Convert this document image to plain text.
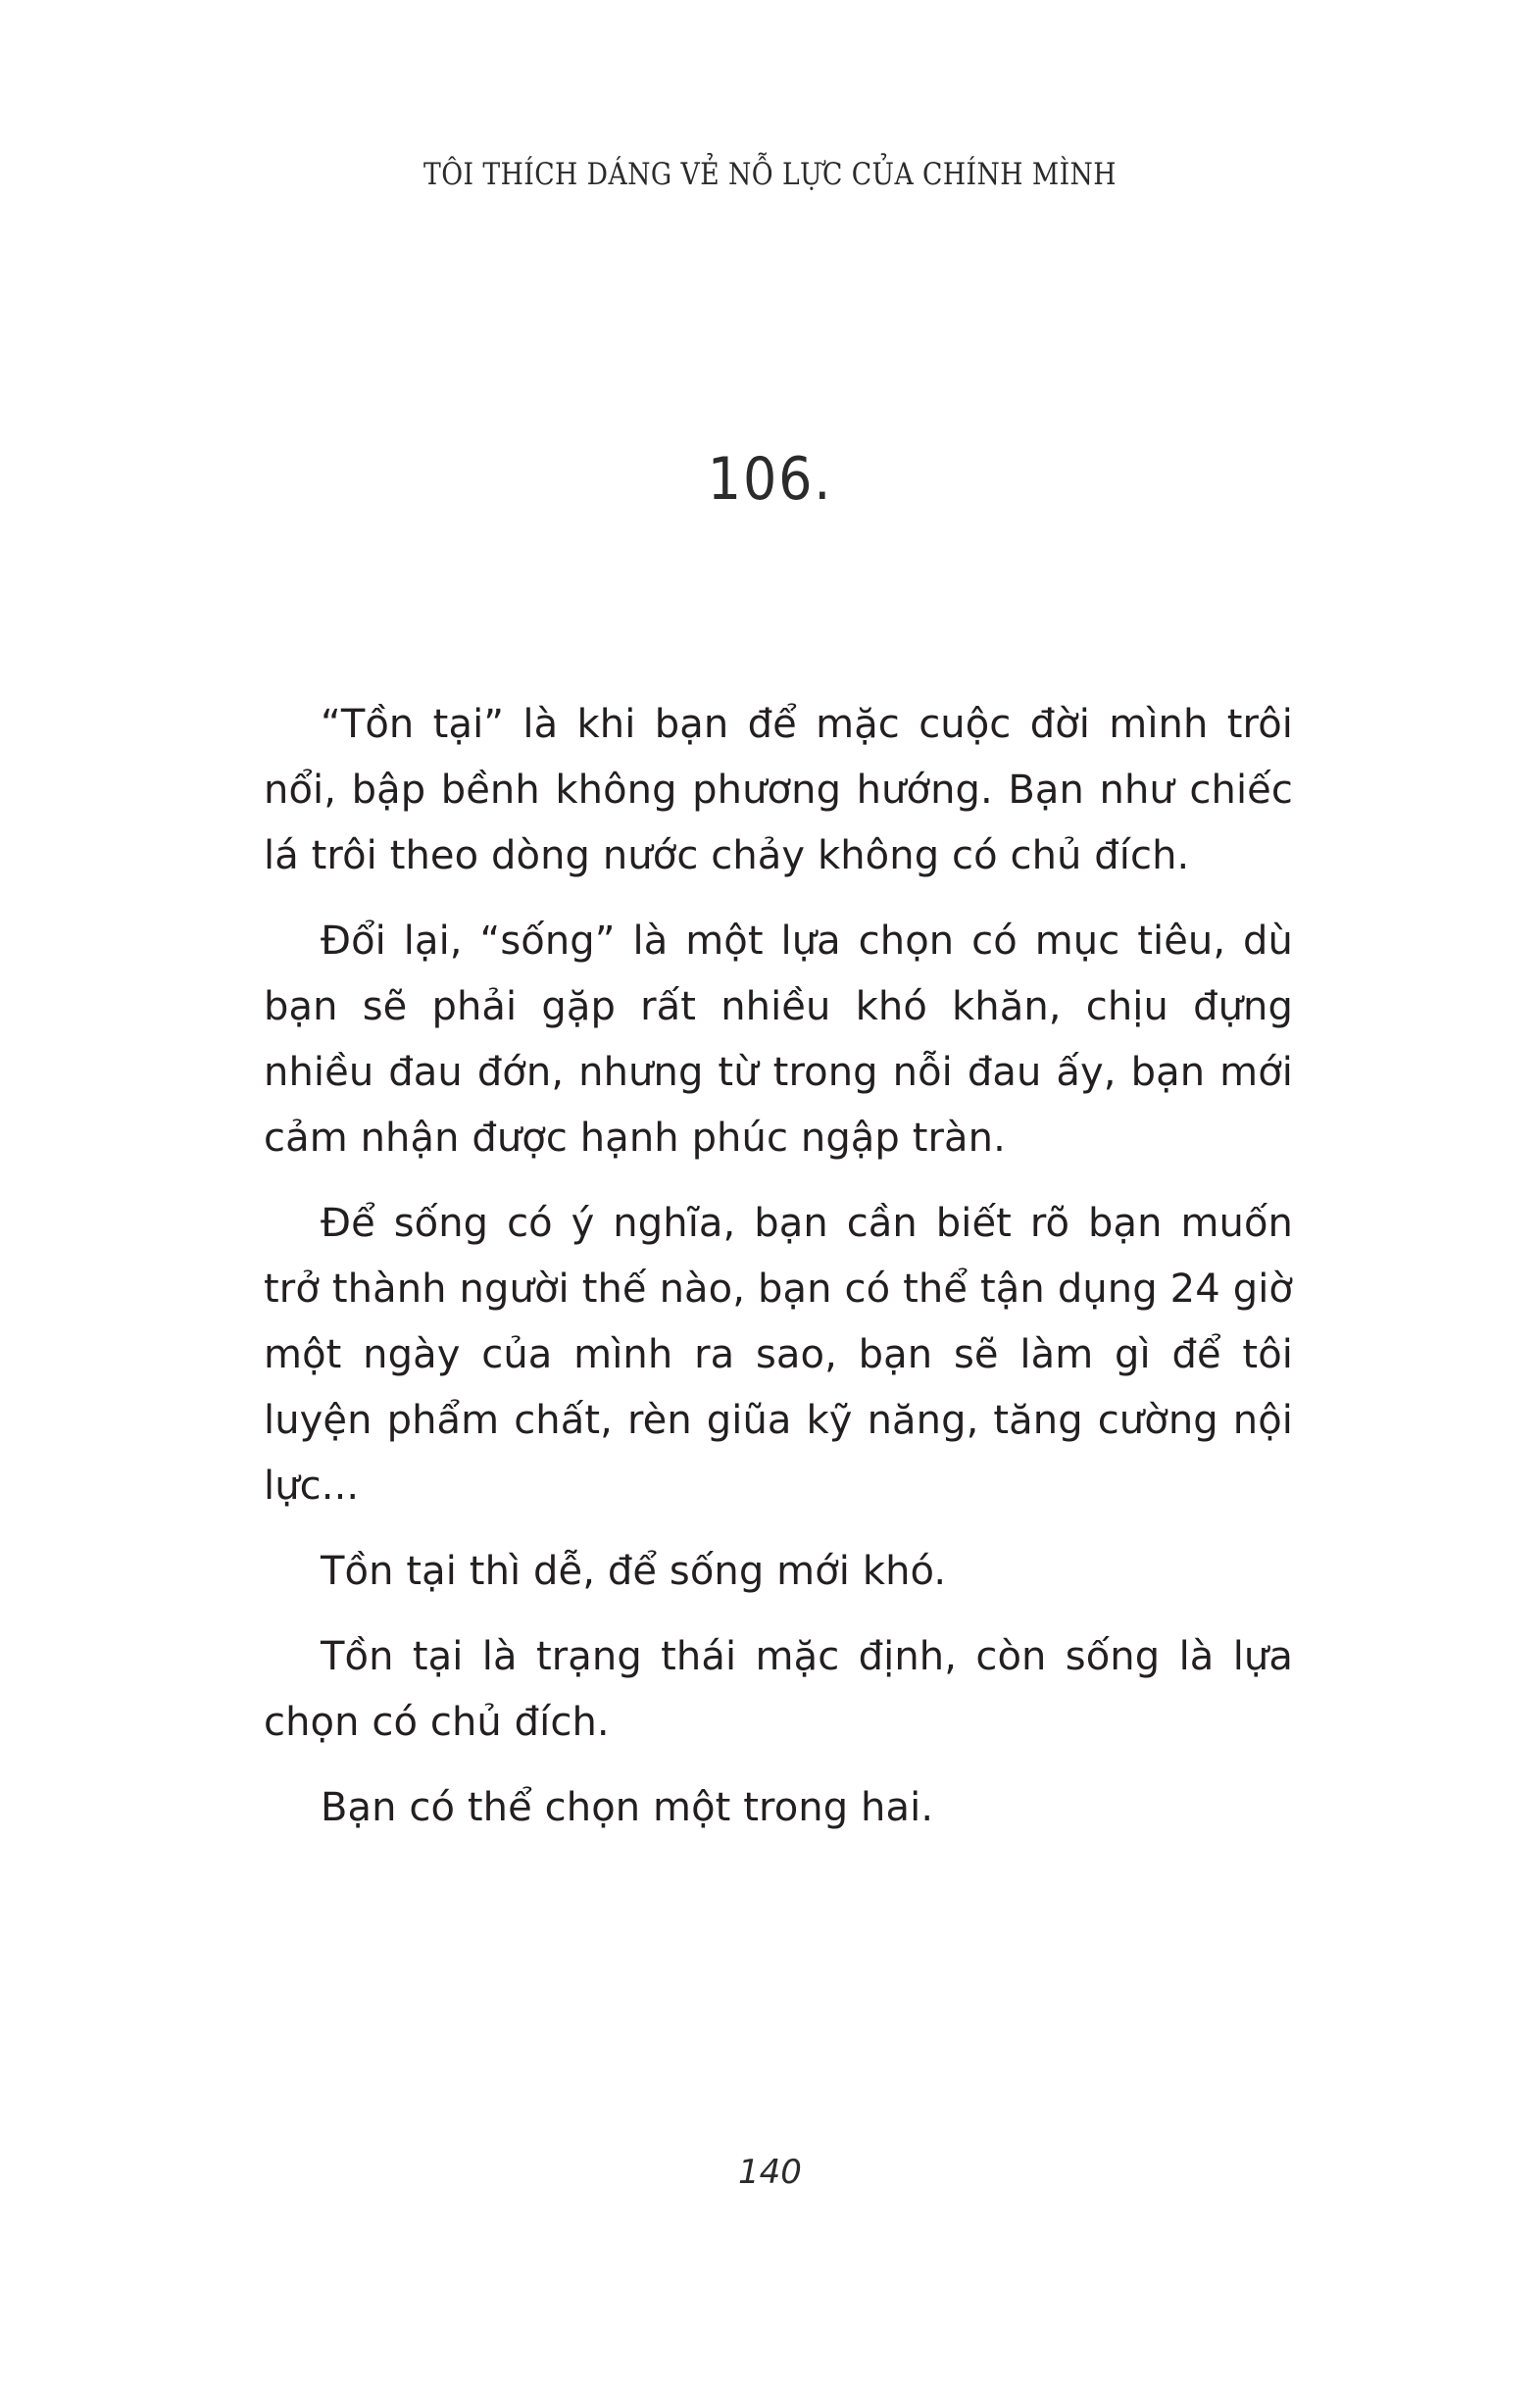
TÔI THÍCH DÁNG VẺ NỖ LỰC CỦA CHÍNH MÌNH
106.

“Tồn tại” là khi bạn để mặc cuộc đời mình trôi nổi, bập bềnh không phương hướng. Bạn như chiếc lá trôi theo dòng nước chảy không có chủ đích.

Đổi lại, “sống” là một lựa chọn có mục tiêu, dù bạn sẽ phải gặp rất nhiều khó khăn, chịu đựng nhiều đau đớn, nhưng từ trong nỗi đau ấy, bạn mới cảm nhận được hạnh phúc ngập tràn.

Để sống có ý nghĩa, bạn cần biết rõ bạn muốn trở thành người thế nào, bạn có thể tận dụng 24 giờ một ngày của mình ra sao, bạn sẽ làm gì để tôi luyện phẩm chất, rèn giũa kỹ năng, tăng cường nội lực...

Tồn tại thì dễ, để sống mới khó.

Tồn tại là trạng thái mặc định, còn sống là lựa chọn có chủ đích.

Bạn có thể chọn một trong hai.

140
